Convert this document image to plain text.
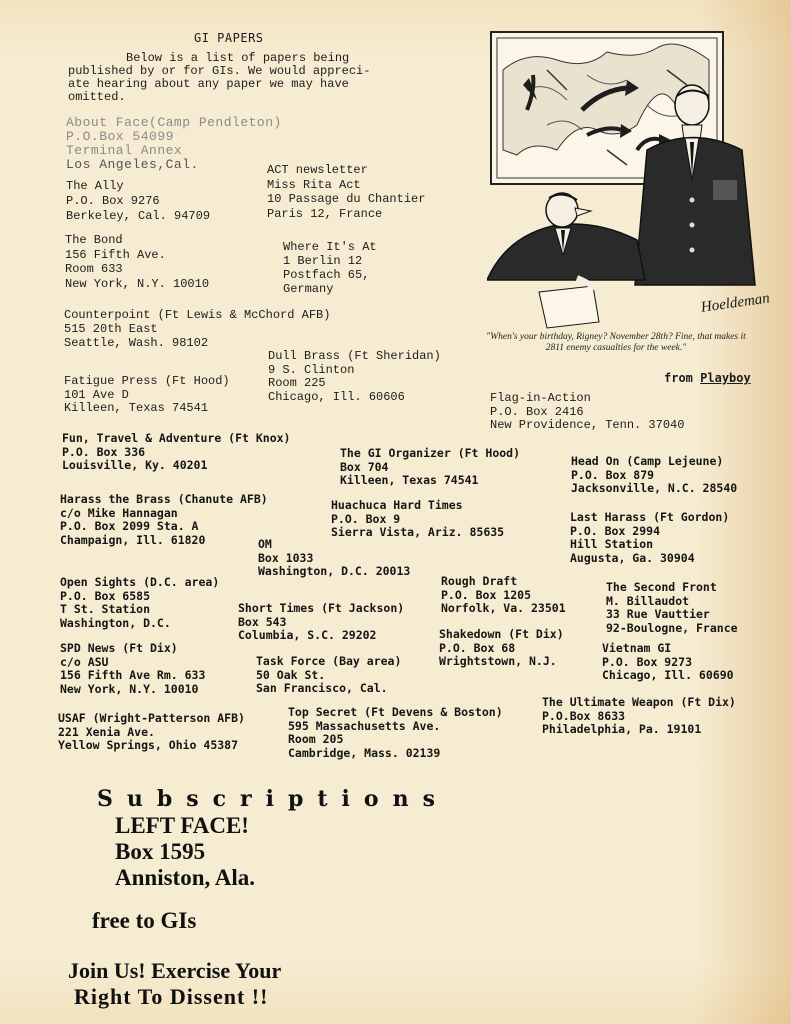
GI PAPERS
Below is a list of papers being
published by or for GIs. We would appreci-
ate hearing about any paper we may have
omitted.
About Face(Camp Pendleton)
P.O.Box 54099
Terminal Annex
Los Angeles,Cal.
The Ally
P.O. Box 9276
Berkeley, Cal. 94709
ACT newsletter
Miss Rita Act
10 Passage du Chantier
Paris 12, France
The Bond
156 Fifth Ave.
Room 633
New York, N.Y. 10010
Where It's At
1 Berlin 12
Postfach 65,
Germany
Counterpoint (Ft Lewis & McChord AFB)
515 20th East
Seattle, Wash. 98102
Dull Brass (Ft Sheridan)
9 S. Clinton
Room 225
Chicago, Ill. 60606
Fatigue Press (Ft Hood)
101 Ave D
Killeen, Texas 74541
Flag-in-Action
P.O. Box 2416
New Providence, Tenn. 37040
Fun, Travel & Adventure (Ft Knox)
P.O. Box 336
Louisville, Ky. 40201
The GI Organizer (Ft Hood)
Box 704
Killeen, Texas 74541
Head On (Camp Lejeune)
P.O. Box 879
Jacksonville, N.C. 28540
Harass the Brass (Chanute AFB)
c/o Mike Hannagan
P.O. Box 2099 Sta. A
Champaign, Ill. 61820
Huachuca Hard Times
P.O. Box 9
Sierra Vista, Ariz. 85635
Last Harass (Ft Gordon)
P.O. Box 2994
Hill Station
Augusta, Ga. 30904
OM
Box 1033
Washington, D.C. 20013
Open Sights (D.C. area)
P.O. Box 6585
T St. Station
Washington, D.C.
Rough Draft
P.O. Box 1205
Norfolk, Va. 23501
The Second Front
M. Billaudot
33 Rue Vauttier
92-Boulogne, France
Short Times (Ft Jackson)
Box 543
Columbia, S.C. 29202	Shakedown (Ft Dix)
P.O. Box 68
Wrightstown, N.J.
SPD News (Ft Dix)
c/o ASU
156 Fifth Ave Rm. 633
New York, N.Y. 10010
Task Force (Bay area)
50 Oak St.
San Francisco, Cal.
Vietnam GI
P.O. Box 9273
Chicago, Ill. 60690
USAF (Wright-Patterson AFB)
221 Xenia Ave.
Yellow Springs, Ohio 45387
Top Secret (Ft Devens & Boston)
595 Massachusetts Ave.
Room 205
Cambridge, Mass. 02139
The Ultimate Weapon (Ft Dix)
P.O.Box 8633
Philadelphia, Pa. 19101
Hoeldeman
"When's your birthday, Rigney? November 28th? Fine, that makes it 2811 enemy casualties for the week."
from Playboy
Subscriptions
LEFT FACE!
Box 1595
Anniston, Ala.
free to GIs
Join Us! Exercise Your
Right To Dissent !!
